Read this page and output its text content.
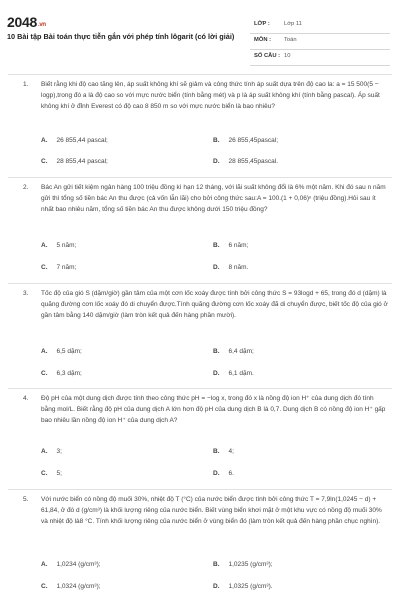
2048.vn
10 Bài tập Bài toán thực tiễn gắn với phép tính lôgarit (có lời giải)
LỚP : Lớp 11
MÔN : Toán
SỐ CÂU : 10
1. Biết rằng khi độ cao tăng lên, áp suất không khí sẽ giảm và công thức tính áp suất dựa trên độ cao la: a = 15 500(5 − logp),trong đó a là độ cao so với mực nước biển (tính bằng mét) và p là áp suất không khí (tính bằng pascal). Áp suất không khí ở đỉnh Everest có độ cao 8 850 m so với mực nước biển là bao nhiêu?
A. 26 855,44 pascal;	B. 26 855,45pascal;
C. 28 855,44 pascal;	D. 28 855,45pascal.
2. Bác An gửi tiết kiệm ngân hàng 100 triệu đồng kì hạn 12 tháng, với lãi suất không đổi là 6% một năm. Khi đó sau n năm gửi thì tổng số tiền bác An thu được (cả vốn lẫn lãi) cho bởi công thức sau:A = 100.(1 + 0,06)ⁿ (triệu đồng).Hỏi sau ít nhất bao nhiêu năm, tổng số tiền bác An thu được không dưới 150 triệu đồng?
A. 5 năm;	B. 6 năm;
C. 7 năm;	D. 8 năm.
3. Tốc độ của gió S (dặm/giờ) gần tâm của một cơn lốc xoáy được tính bởi công thức S = 93logd + 65, trong đó d (dặm) là quãng đường cơn lốc xoáy đó di chuyển được.Tính quãng đường cơn lốc xoáy đã di chuyển được, biết tốc độ của gió ở gần tâm bằng 140 dặm/giờ (làm tròn kết quả đến hàng phần mười).
A. 6,5 dặm;	B. 6,4 dặm;
C. 6,3 dặm;	D. 6,1 dặm.
4. Độ pH của một dung dịch được tính theo công thức pH = −log x, trong đó x là nồng độ ion H⁺ của dung dịch đó tính bằng mol/L. Biết rằng độ pH của dung dịch A lớn hơn độ pH của dung dịch B là 0,7. Dung dịch B có nồng độ ion H⁺ gấp bao nhiêu lần nồng độ ion H⁺ của dung dịch A?
A. 3;	B. 4;
C. 5;	D. 6.
5. Với nước biển có nồng độ muối 30%, nhiệt độ T (°C) của nước biển được tính bởi công thức T = 7,9ln(1,0245 − d) + 61,84, ở đó d (g/cm³) là khối lượng riêng của nước biển. Biết vùng biển khơi mặt ở một khu vực có nồng độ muối 30% và nhiệt độ là8 °C. Tính khối lượng riêng của nước biển ở vùng biển đó (làm tròn kết quả đến hàng phần chục nghìn).
A. 1,0234 (g/cm³);	B. 1,0235 (g/cm³);
C. 1,0324 (g/cm³);	D. 1,0325 (g/cm³).
